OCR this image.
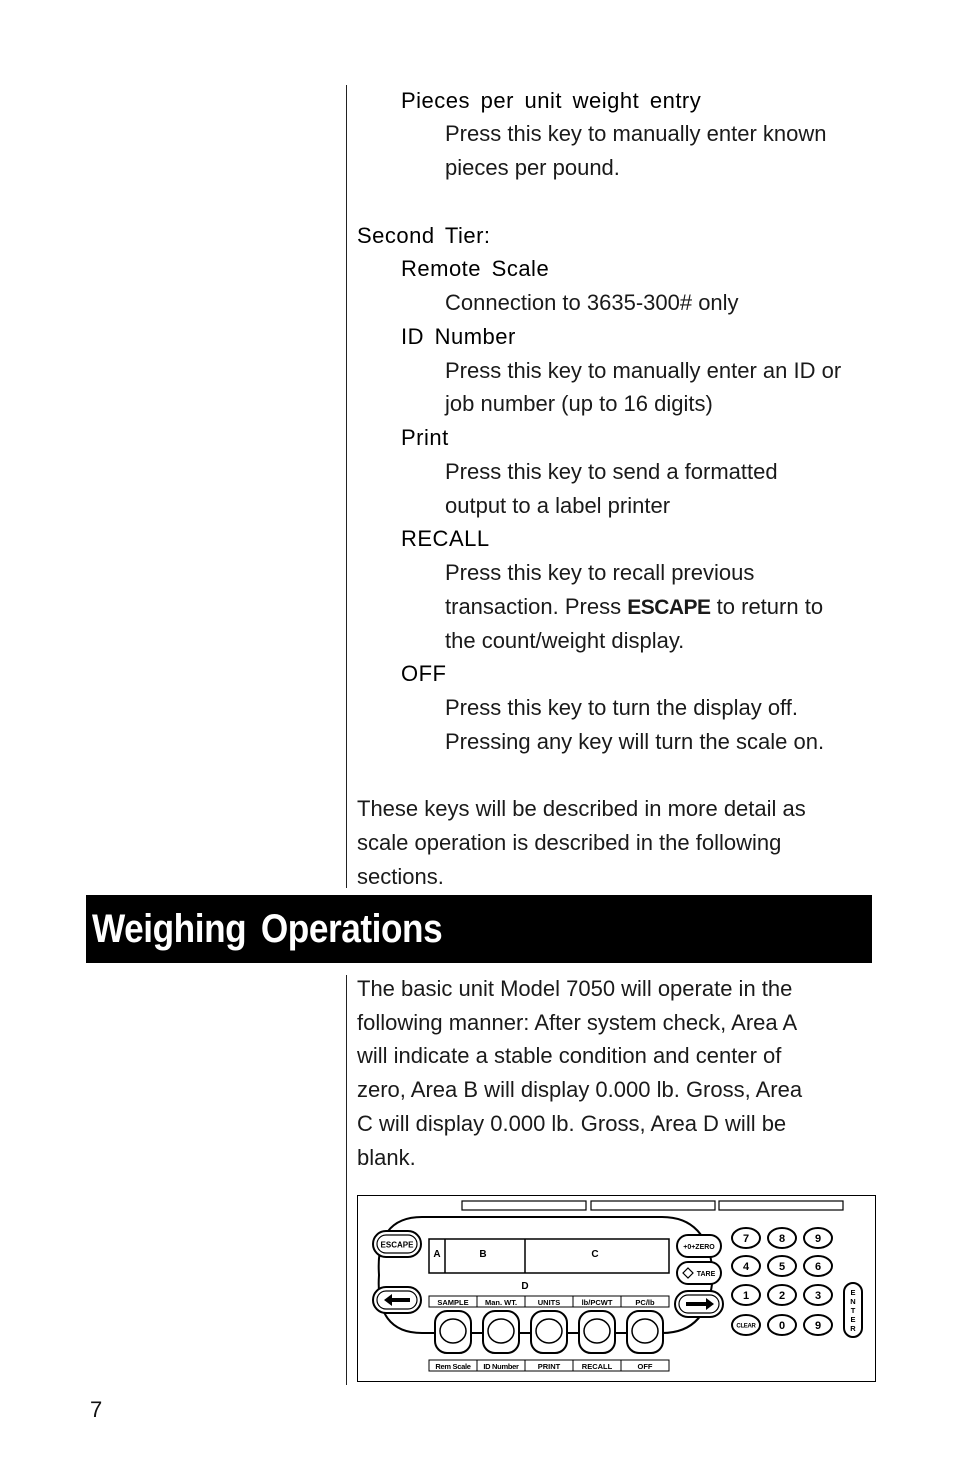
Pieces per unit weight entry
Press this key to manually enter known
pieces per pound.
Second Tier:
Remote Scale
Connection to 3635-300# only
ID Number
Press this key to manually enter an ID or
job number (up to 16 digits)
Print
Press this key to send a formatted
output to a label printer
RECALL
Press this key to recall previous
transaction. Press ESCAPE to return to
the count/weight display.
OFF
Press this key to turn the display off.
Pressing any key will turn the scale on.
These keys will be described in more detail as
scale operation is described in the following
sections.
Weighing Operations
The basic unit Model 7050 will operate in the
following manner: After system check, Area A
will indicate a stable condition and center of
zero, Area B will display 0.000 lb. Gross, Area
C will display 0.000 lb. Gross, Area D will be
blank.
ESCAPE
A	B	C
D
+0+ZERO
TARE
SAMPLE Man. WT.	UNITS	lb/PCWT	PC/lb
Rem Scale ID Number	PRINT	RECALL	OFF
7	8	9
4	5	6
1	2	3
CLEAR 0	9
E
N
T
E
R
7
